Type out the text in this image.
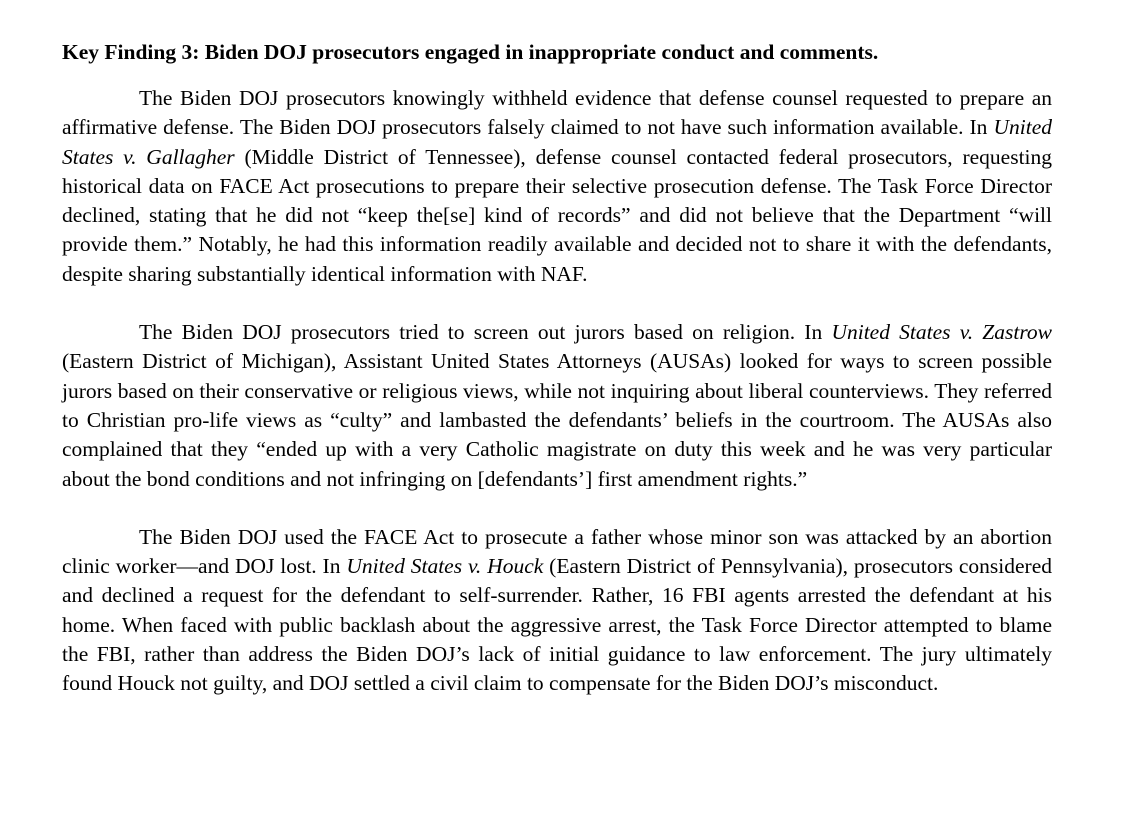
Key Finding 3: Biden DOJ prosecutors engaged in inappropriate conduct and comments.

The Biden DOJ prosecutors knowingly withheld evidence that defense counsel requested to prepare an affirmative defense. The Biden DOJ prosecutors falsely claimed to not have such information available. In United States v. Gallagher (Middle District of Tennessee), defense counsel contacted federal prosecutors, requesting historical data on FACE Act prosecutions to prepare their selective prosecution defense. The Task Force Director declined, stating that he did not “keep the[se] kind of records” and did not believe that the Department “will provide them.” Notably, he had this information readily available and decided not to share it with the defendants, despite sharing substantially identical information with NAF.

The Biden DOJ prosecutors tried to screen out jurors based on religion. In United States v. Zastrow (Eastern District of Michigan), Assistant United States Attorneys (AUSAs) looked for ways to screen possible jurors based on their conservative or religious views, while not inquiring about liberal counterviews. They referred to Christian pro-life views as “culty” and lambasted the defendants’ beliefs in the courtroom. The AUSAs also complained that they “ended up with a very Catholic magistrate on duty this week and he was very particular about the bond conditions and not infringing on [defendants’] first amendment rights.”

The Biden DOJ used the FACE Act to prosecute a father whose minor son was attacked by an abortion clinic worker—and DOJ lost. In United States v. Houck (Eastern District of Pennsylvania), prosecutors considered and declined a request for the defendant to self-surrender. Rather, 16 FBI agents arrested the defendant at his home. When faced with public backlash about the aggressive arrest, the Task Force Director attempted to blame the FBI, rather than address the Biden DOJ’s lack of initial guidance to law enforcement. The jury ultimately found Houck not guilty, and DOJ settled a civil claim to compensate for the Biden DOJ’s misconduct.
